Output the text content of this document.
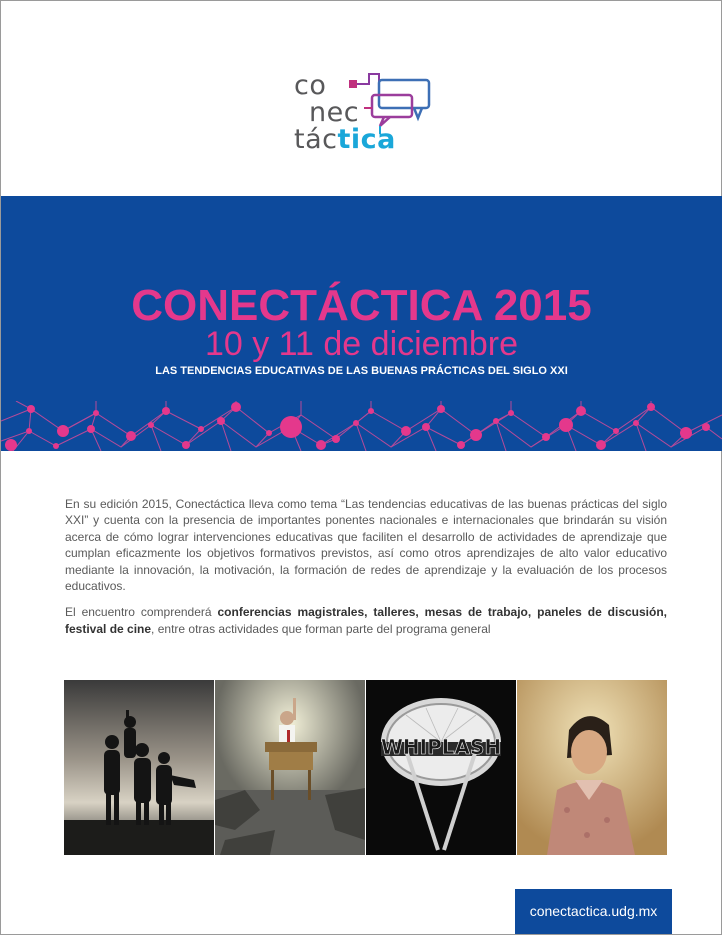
co
nec
táctica
CONECTÁCTICA 2015
10 y 11 de diciembre
LAS TENDENCIAS EDUCATIVAS DE LAS BUENAS PRÁCTICAS DEL SIGLO XXI

En su edición 2015, Conectáctica lleva como tema “Las tendencias educativas de las buenas prácticas del siglo XXI” y cuenta con la presencia de importantes ponentes nacionales e internacionales que brindarán su visión acerca de cómo lograr intervenciones educativas que faciliten el desarrollo de actividades de aprendizaje que cumplan eficazmente los objetivos formativos previstos, así como otros aprendizajes de alto valor educativo mediante la innovación, la motivación, la formación de redes de aprendizaje y la evaluación de los procesos educativos.

El encuentro comprenderá conferencias magistrales, talleres, mesas de trabajo, paneles de discusión, festival de cine, entre otras actividades que forman parte del programa general

WHIPLASH
conectactica.udg.mx
